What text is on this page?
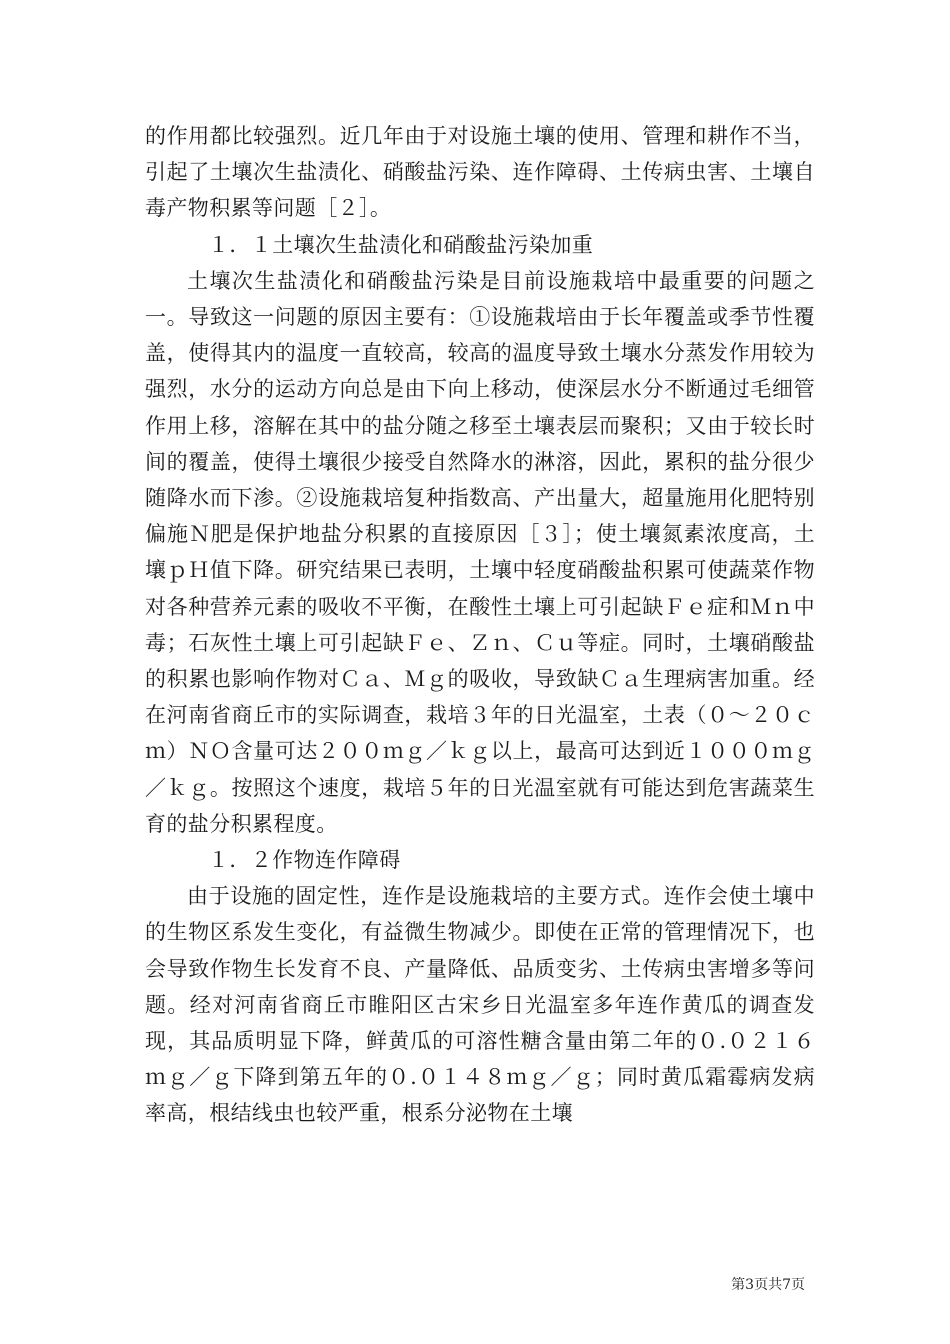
的作用都比较强烈。近几年由于对设施土壤的使用、管理和耕作不当，引起了土壤次生盐渍化、硝酸盐污染、连作障碍、土传病虫害、土壤自毒产物积累等问题［２］。

１．１土壤次生盐渍化和硝酸盐污染加重

土壤次生盐渍化和硝酸盐污染是目前设施栽培中最重要的问题之一。导致这一问题的原因主要有：①设施栽培由于长年覆盖或季节性覆盖，使得其内的温度一直较高，较高的温度导致土壤水分蒸发作用较为强烈，水分的运动方向总是由下向上移动，使深层水分不断通过毛细管作用上移，溶解在其中的盐分随之移至土壤表层而聚积；又由于较长时间的覆盖，使得土壤很少接受自然降水的淋溶，因此，累积的盐分很少随降水而下渗。②设施栽培复种指数高、产出量大，超量施用化肥特别偏施Ｎ肥是保护地盐分积累的直接原因［３］；使土壤氮素浓度高，土壤ｐＨ值下降。研究结果已表明，土壤中轻度硝酸盐积累可使蔬菜作物对各种营养元素的吸收不平衡，在酸性土壤上可引起缺Ｆｅ症和Ｍｎ中毒；石灰性土壤上可引起缺Ｆｅ、Ｚｎ、Ｃｕ等症。同时，土壤硝酸盐的积累也影响作物对Ｃａ、Ｍｇ的吸收，导致缺Ｃａ生理病害加重。经在河南省商丘市的实际调查，栽培３年的日光温室，土表（０～２０ｃｍ）ＮＯ含量可达２００ｍｇ／ｋｇ以上，最高可达到近１０００ｍｇ／ｋｇ。按照这个速度，栽培５年的日光温室就有可能达到危害蔬菜生育的盐分积累程度。

１．２作物连作障碍

由于设施的固定性，连作是设施栽培的主要方式。连作会使土壤中的生物区系发生变化，有益微生物减少。即使在正常的管理情况下，也会导致作物生长发育不良、产量降低、品质变劣、土传病虫害增多等问题。经对河南省商丘市睢阳区古宋乡日光温室多年连作黄瓜的调查发现，其品质明显下降，鲜黄瓜的可溶性糖含量由第二年的０.０２１６ｍｇ／ｇ下降到第五年的０.０１４８ｍｇ／ｇ；同时黄瓜霜霉病发病率高，根结线虫也较严重，根系分泌物在土壤

第3页共7页
